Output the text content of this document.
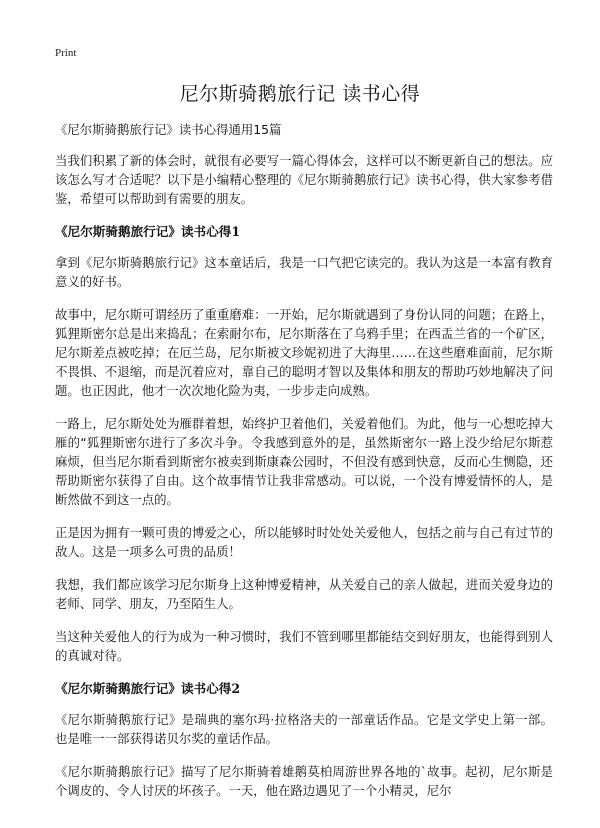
Print
尼尔斯骑鹅旅行记 读书心得

《尼尔斯骑鹅旅行记》读书心得通用15篇

当我们积累了新的体会时，就很有必要写一篇心得体会，这样可以不断更新自己的想法。应该怎么写才合适呢？以下是小编精心整理的《尼尔斯骑鹅旅行记》读书心得，供大家参考借鉴，希望可以帮助到有需要的朋友。

《尼尔斯骑鹅旅行记》读书心得1

拿到《尼尔斯骑鹅旅行记》这本童话后，我是一口气把它读完的。我认为这是一本富有教育意义的好书。

故事中，尼尔斯可谓经历了重重磨难：一开始，尼尔斯就遇到了身份认同的问题；在路上，狐狸斯密尔总是出来捣乱；在索耐尔布，尼尔斯落在了乌鸦手里；在西盂兰省的一个矿区，尼尔斯差点被吃掉；在厄兰岛，尼尔斯被文珍妮初进了大海里……在这些磨难面前，尼尔斯不畏惧、不退缩，而是沉着应对，靠自己的聪明才智以及集体和朋友的帮助巧妙地解决了问题。也正因此，他才一次次地化险为夷，一步步走向成熟。

一路上，尼尔斯处处为雁群着想，始终护卫着他们，关爱着他们。为此，他与一心想吃掉大雁的“狐狸斯密尔进行了多次斗争。令我感到意外的是，虽然斯密尔一路上没少给尼尔斯惹麻烦，但当尼尔斯看到斯密尔被卖到斯康森公园时，不但没有感到快意，反而心生恻隐，还帮助斯密尔获得了自由。这个故事情节让我非常感动。可以说，一个没有博爱情怀的人，是断然做不到这一点的。

正是因为拥有一颗可贵的博爱之心，所以能够时时处处关爱他人，包括之前与自己有过节的敌人。这是一项多么可贵的品质！

我想，我们都应该学习尼尔斯身上这种博爱精神，从关爱自己的亲人做起，进而关爱身边的老师、同学、朋友，乃至陌生人。

当这种关爱他人的行为成为一种习惯时，我们不管到哪里都能结交到好朋友，也能得到别人的真诚对待。

《尼尔斯骑鹅旅行记》读书心得2

《尼尔斯骑鹅旅行记》是瑞典的塞尔玛·拉格洛夫的一部童话作品。它是文学史上第一部。也是唯一一部获得诺贝尔奖的童话作品。

《尼尔斯骑鹅旅行记》描写了尼尔斯骑着雄鹅莫柏周游世界各地的`故事。起初，尼尔斯是个调皮的、令人讨厌的坏孩子。一天，他在路边遇见了一个小精灵，尼尔
